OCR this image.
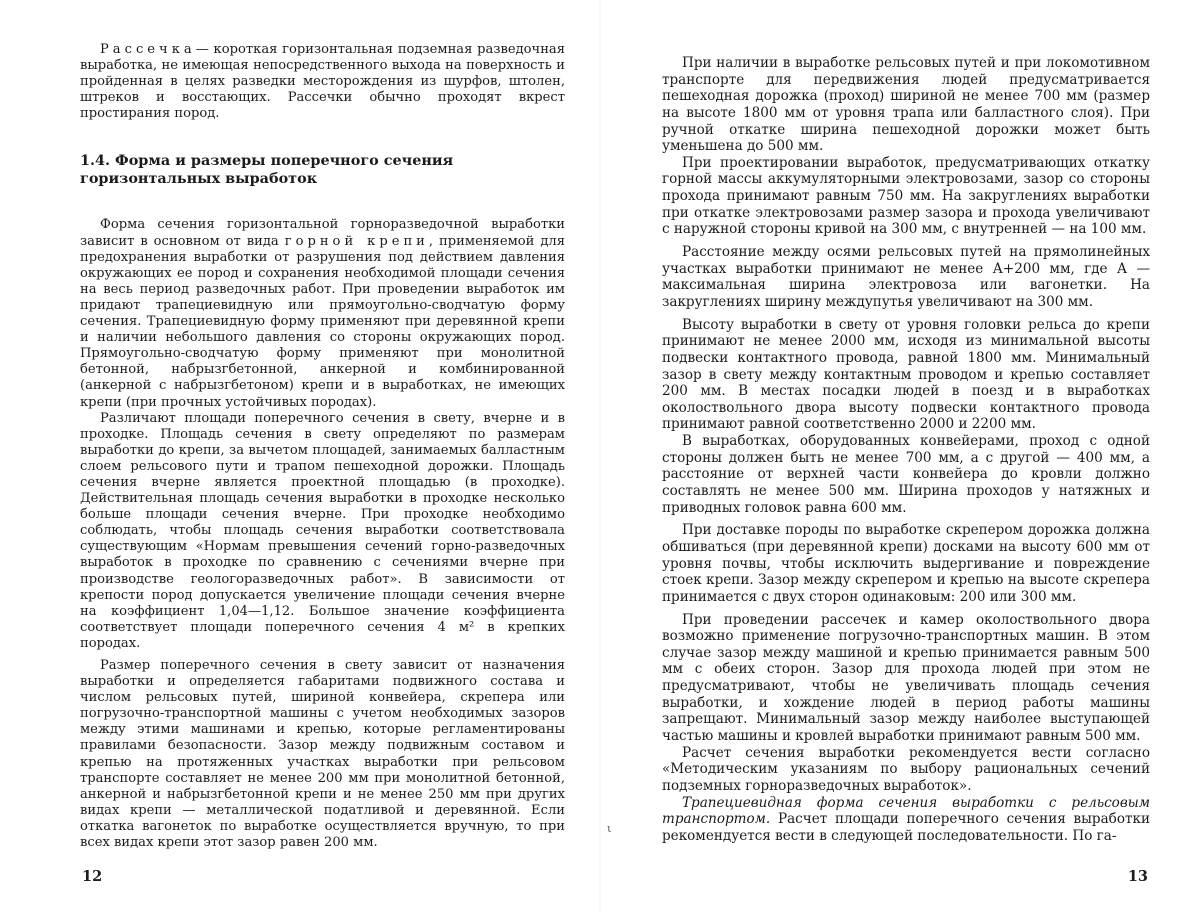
Рассечка— короткая горизонтальная подземная разведочная выработка, не имеющая непосредственного выхода на поверхность и пройденная в целях разведки месторождения из шурфов, штолен, штреков и восстающих. Рассечки обычно проходят вкрест простирания пород.

1.4. Форма и размеры поперечного сечения горизонтальных выработок

Форма сечения горизонтальной горноразведочной выработки зависит в основном от вида горной крепи, применяемой для предохранения выработки от разрушения под действием давления окружающих ее пород и сохранения необходимой площади сечения на весь период разведочных работ. При проведении выработок им придают трапециевидную или прямоугольно-сводчатую форму сечения. Трапециевидную форму применяют при деревянной крепи и наличии небольшого давления со стороны окружающих пород. Прямоугольно-сводчатую форму применяют при монолитной бетонной, набрызгбетонной, анкерной и комбинированной (анкерной с набрызгбетоном) крепи и в выработках, не имеющих крепи (при прочных устойчивых породах).

Различают площади поперечного сечения в свету, вчерне и в проходке. Площадь сечения в свету определяют по размерам выработки до крепи, за вычетом площадей, занимаемых балластным слоем рельсового пути и трапом пешеходной дорожки. Площадь сечения вчерне является проектной площадью (в проходке). Действительная площадь сечения выработки в проходке несколько больше площади сечения вчерне. При проходке необходимо соблюдать, чтобы площадь сечения выработки соответствовала существующим «Нормам превышения сечений горно-разведочных выработок в проходке по сравнению с сечениями вчерне при производстве геологоразведочных работ». В зависимости от крепости пород допускается увеличение площади сечения вчерне на коэффициент 1,04—1,12. Большое значение коэффициента соответствует площади поперечного сечения 4 м² в крепких породах.

Размер поперечного сечения в свету зависит от назначения выработки и определяется габаритами подвижного состава и числом рельсовых путей, шириной конвейера, скрепера или погрузочно-транспортной машины с учетом необходимых зазоров между этими машинами и крепью, которые регламентированы правилами безопасности. Зазор между подвижным составом и крепью на протяженных участках выработки при рельсовом транспорте составляет не менее 200 мм при монолитной бетонной, анкерной и набрызгбетонной крепи и не менее 250 мм при других видах крепи — металлической податливой и деревянной. Если откатка вагонеток по выработке осуществляется вручную, то при всех видах крепи этот зазор равен 200 мм.

12
ι

При наличии в выработке рельсовых путей и при локомотивном транспорте для передвижения людей предусматривается пешеходная дорожка (проход) шириной не менее 700 мм (размер на высоте 1800 мм от уровня трапа или балластного слоя). При ручной откатке ширина пешеходной дорожки может быть уменьшена до 500 мм.

При проектировании выработок, предусматривающих откатку горной массы аккумуляторными электровозами, зазор со стороны прохода принимают равным 750 мм. На закруглениях выработки при откатке электровозами размер зазора и прохода увеличивают с наружной стороны кривой на 300 мм, с внутренней — на 100 мм.

Расстояние между осями рельсовых путей на прямолинейных участках выработки принимают не менее А+200 мм, где А — максимальная ширина электровоза или вагонетки. На закруглениях ширину междупутья увеличивают на 300 мм.

Высоту выработки в свету от уровня головки рельса до крепи принимают не менее 2000 мм, исходя из минимальной высоты подвески контактного провода, равной 1800 мм. Минимальный зазор в свету между контактным проводом и крепью составляет 200 мм. В местах посадки людей в поезд и в выработках околоствольного двора высоту подвески контактного провода принимают равной соответственно 2000 и 2200 мм.

В выработках, оборудованных конвейерами, проход с одной стороны должен быть не менее 700 мм, а с другой — 400 мм, а расстояние от верхней части конвейера до кровли должно составлять не менее 500 мм. Ширина проходов у натяжных и приводных головок равна 600 мм.

При доставке породы по выработке скрепером дорожка должна обшиваться (при деревянной крепи) досками на высоту 600 мм от уровня почвы, чтобы исключить выдергивание и повреждение стоек крепи. Зазор между скрепером и крепью на высоте скрепера принимается с двух сторон одинаковым: 200 или 300 мм.

При проведении рассечек и камер околоствольного двора возможно применение погрузочно-транспортных машин. В этом случае зазор между машиной и крепью принимается равным 500 мм с обеих сторон. Зазор для прохода людей при этом не предусматривают, чтобы не увеличивать площадь сечения выработки, и хождение людей в период работы машины запрещают. Минимальный зазор между наиболее выступающей частью машины и кровлей выработки принимают равным 500 мм.

Расчет сечения выработки рекомендуется вести согласно «Методическим указаниям по выбору рациональных сечений подземных горноразведочных выработок».

Трапециевидная форма сечения выработки с рельсовым транспортом. Расчет площади поперечного сечения выработки рекомендуется вести в следующей последовательности. По га-

13
